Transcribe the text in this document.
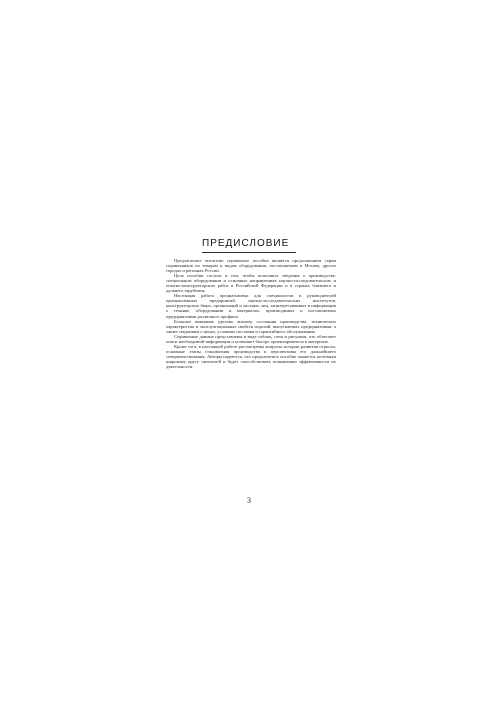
ПРЕДИСЛОВИЕ

Предлагаемое читателю справочное пособие является продолжением серии справочников по товарам и видам оборудования, поставляемым в Москву, других городах и регионах России.

Цель пособия состоит в том, чтобы пополнить сведения о производстве, специальном оборудовании и основных направлениях научно-исследовательских и опытно-конструкторских работ в Российской Федерации и в странах ближнего и дальнего зарубежья.

Настоящая работа предназначена для специалистов и руководителей промышленных предприятий, научно-исследовательских институтов, конструкторских бюро, организаций и частных лиц, заинтересованных в информации о технике, оборудовании и материалах, производимых и поставляемых предприятиями различного профиля.

Большое внимание уделено анализу состояния производства, технических характеристик и эксплуатационных свойств изделий, выпускаемых предприятиями, а также сведениям о ценах, условиях поставки и гарантийного обслуживания.

Справочные данные представлены в виде таблиц, схем и рисунков, что облегчает поиск необходимой информации и позволяет быстро ориентироваться в материале.

Кроме того, в настоящей работе рассмотрены вопросы истории развития отрасли, основные этапы становления производства и перспективы его дальнейшего совершенствования. Авторы надеются, что предлагаемое пособие окажется полезным широкому кругу читателей и будет способствовать повышению эффективности их деятельности.

3
